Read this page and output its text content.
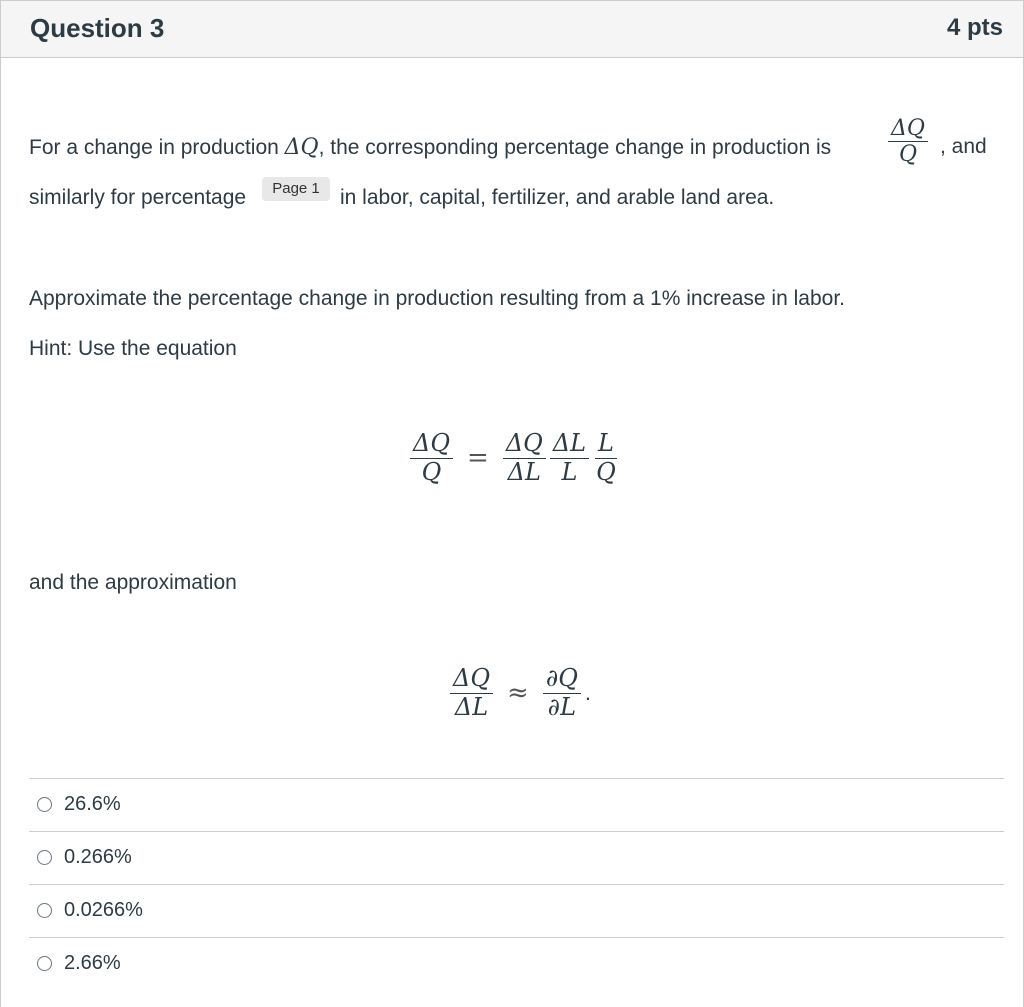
Question 3	4 pts
For a change in production ΔQ, the corresponding percentage change in production is	$\frac{\Delta Q}{Q}$ , and
similarly for percentage	Page 1 in labor, capital, fertilizer, and arable land area.
Approximate the percentage change in production resulting from a 1% increase in labor.
Hint: Use the equation
$\frac{\Delta Q}{Q} = \frac{\Delta Q}{\Delta L} \frac{\Delta L}{L} \frac{L}{Q}$
and the approximation
$\frac{\Delta Q}{\Delta L} \approx \frac{\partial Q}{\partial L}$ .
26.6%
0.266%
0.0266%
2.66%
